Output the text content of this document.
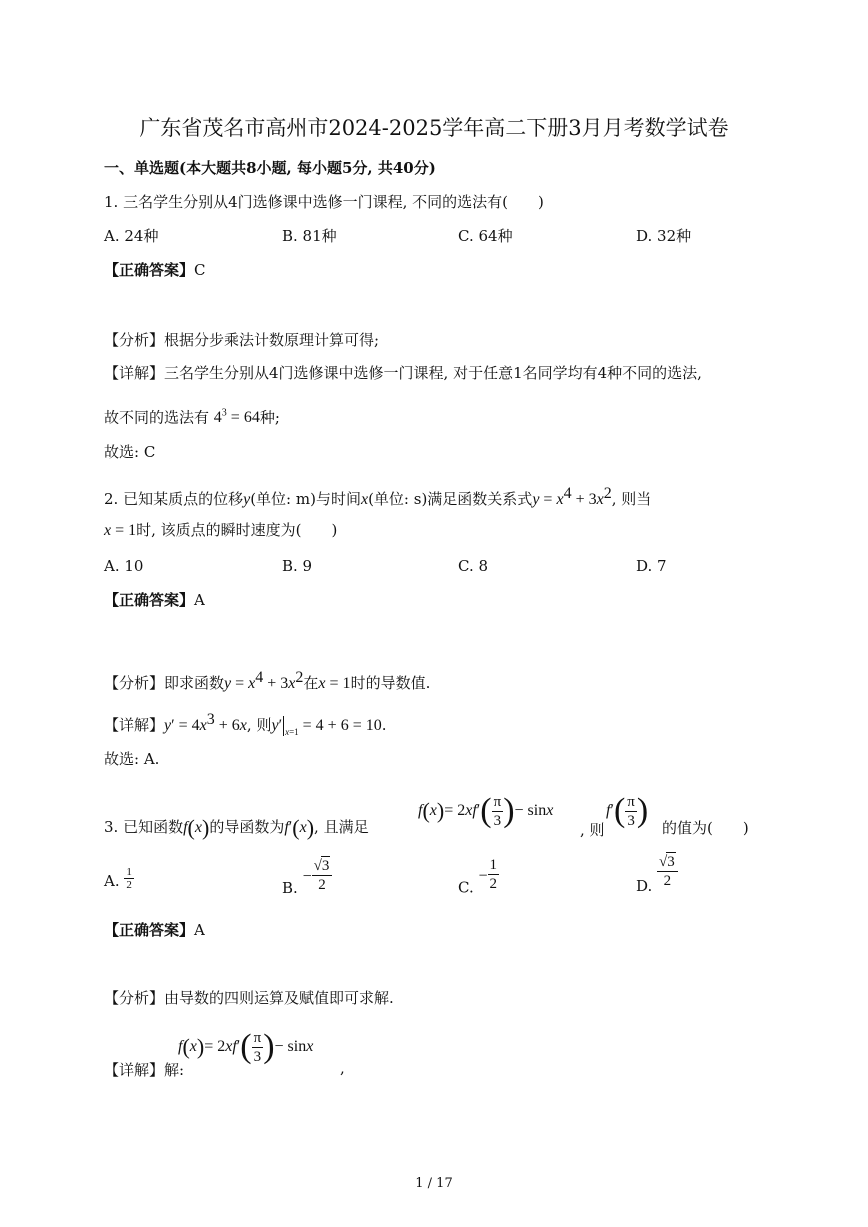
广东省茂名市高州市2024-2025学年高二下册3月月考数学试卷
一、单选题(本大题共8小题, 每小题5分, 共40分)
1. 三名学生分别从4门选修课中选修一门课程, 不同的选法有(　　)
A. 24种	B. 81种	C. 64种	D. 32种
【正确答案】C
【分析】根据分步乘法计数原理计算可得;
【详解】三名学生分别从4门选修课中选修一门课程, 对于任意1名同学均有4种不同的选法,
故不同的选法有 $4^3 = 64$种;
故选: C
2. 已知某质点的位移y(单位: m)与时间x(单位: s)满足函数关系式$y = x^4 + 3x^2$, 则当
x = 1时, 该质点的瞬时速度为(　　)
A. 10	B. 9	C. 8	D. 7
【正确答案】A
【分析】即求函数$y = x^4 + 3x^2$在x = 1时的导数值.
【详解】$y' = 4x^3 + 6x$, 则y′ $_{x=1}$ = 4 + 6 = 10.
故选: A.
3. 已知函数f(x)的导函数为f′(x), 且满足
$f(x)= 2xf'( \frac{\pi}{3}$ )− sinx
, 则
$f'( \frac{\pi}{3}$ ) 的值为(　　)
A. $\frac{1}{2}$	B. − $\frac{√3}{2}$	C. − $\frac{1}{2}$	D. $\frac{√3}{2}$
【正确答案】A
【分析】由导数的四则运算及赋值即可求解.
【详解】解:
$f(x)= 2xf'( \frac{\pi}{3}$ )− sinx
,
1 / 17
